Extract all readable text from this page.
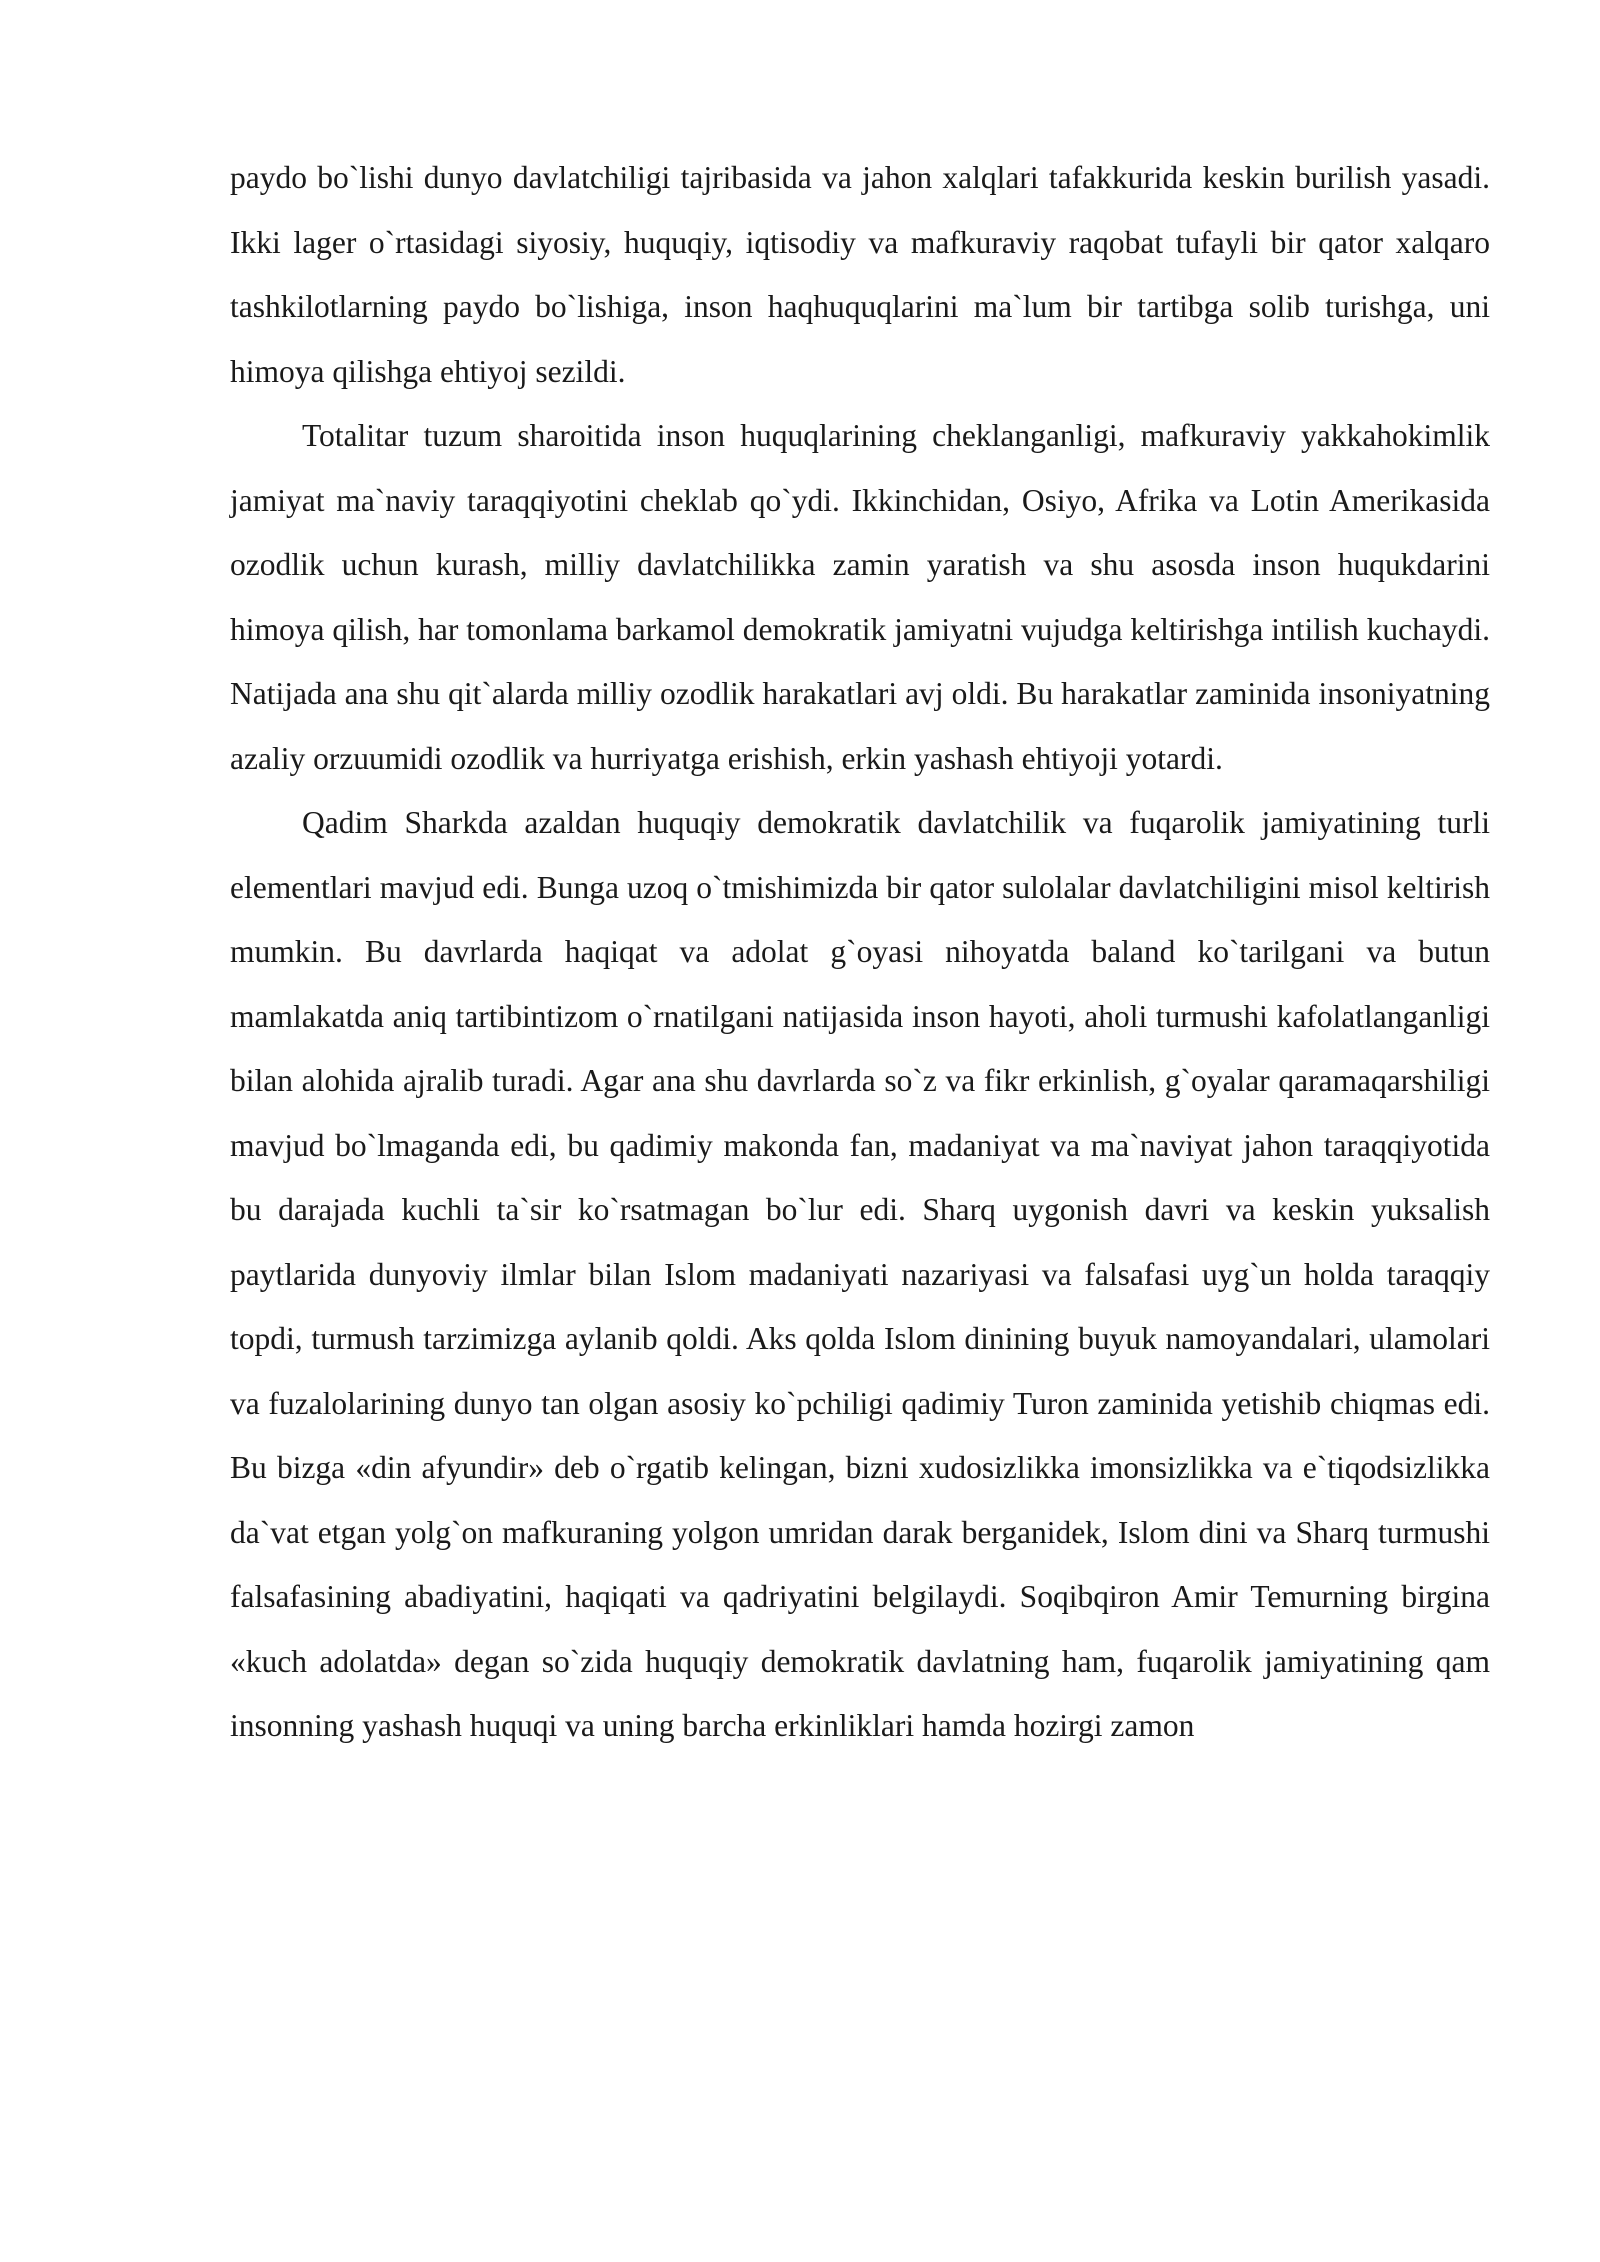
paydo bo`lishi dunyo davlatchiligi tajribasida va jahon xalqlari tafakkurida keskin burilish yasadi. Ikki lager o`rtasidagi siyosiy, huquqiy, iqtisodiy va mafkuraviy raqobat tufayli bir qator xalqaro tashkilotlarning paydo bo`lishiga, inson haqhuquqlarini ma`lum bir tartibga solib turishga, uni himoya qilishga ehtiyoj sezildi.

Totalitar tuzum sharoitida inson huquqlarining cheklanganligi, mafkuraviy yakkahokimlik jamiyat ma`naviy taraqqiyotini cheklab qo`ydi. Ikkinchidan, Osiyo, Afrika va Lotin Amerikasida ozodlik uchun kurash, milliy davlatchilikka zamin yaratish va shu asosda inson huqukdarini himoya qilish, har tomonlama barkamol demokratik jamiyatni vujudga keltirishga intilish kuchaydi. Natijada ana shu qit`alarda milliy ozodlik harakatlari avj oldi. Bu harakatlar zaminida insoniyatning azaliy orzuumidi ozodlik va hurriyatga erishish, erkin yashash ehtiyoji yotardi.

Qadim Sharkda azaldan huquqiy demokratik davlatchilik va fuqarolik jamiyatining turli elementlari mavjud edi. Bunga uzoq o`tmishimizda bir qator sulolalar davlatchiligini misol keltirish mumkin. Bu davrlarda haqiqat va adolat g`oyasi nihoyatda baland ko`tarilgani va butun mamlakatda aniq tartibintizom o`rnatilgani natijasida inson hayoti, aholi turmushi kafolatlanganligi bilan alohida ajralib turadi. Agar ana shu davrlarda so`z va fikr erkinlish, g`oyalar qaramaqarshiligi mavjud bo`lmaganda edi, bu qadimiy makonda fan, madaniyat va ma`naviyat jahon taraqqiyotida bu darajada kuchli ta`sir ko`rsatmagan bo`lur edi. Sharq uygonish davri va keskin yuksalish paytlarida dunyoviy ilmlar bilan Islom madaniyati nazariyasi va falsafasi uyg`un holda taraqqiy topdi, turmush tarzimizga aylanib qoldi. Aks qolda Islom dinining buyuk namoyandalari, ulamolari va fuzalolarining dunyo tan olgan asosiy ko`pchiligi qadimiy Turon zaminida yetishib chiqmas edi. Bu bizga «din afyundir» deb o`rgatib kelingan, bizni xudosizlikka imonsizlikka va e`tiqodsizlikka da`vat etgan yolg`on mafkuraning yolgon umridan darak berganidek, Islom dini va Sharq turmushi falsafasining abadiyatini, haqiqati va qadriyatini belgilaydi. Soqibqiron Amir Temurning birgina «kuch adolatda» degan so`zida huquqiy demokratik davlatning ham, fuqarolik jamiyatining qam insonning yashash huquqi va uning barcha erkinliklari hamda hozirgi zamon
